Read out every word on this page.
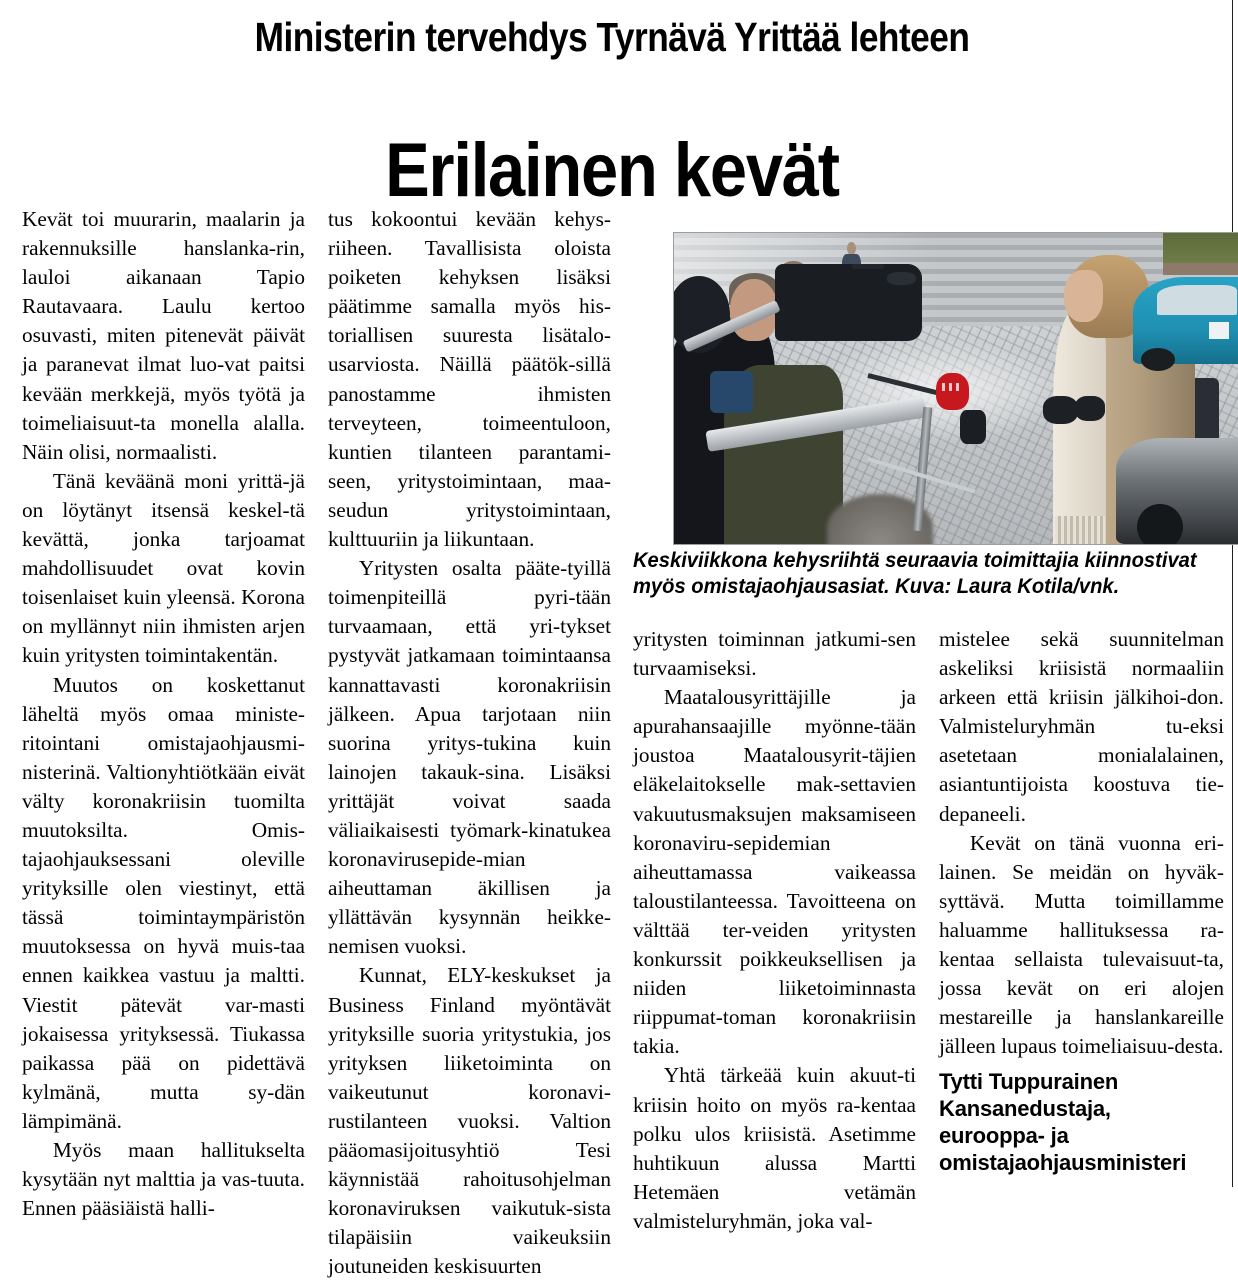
Ministerin tervehdys Tyrnävä Yrittää lehteen
Erilainen kevät
Keskiviikkona kehysriihtä seuraavia toimittajia kiinnostivat
myös omistajaohjausasiat. Kuva: Laura Kotila/vnk.

Kevät toi muurarin, maalarin ja rakennuksille hanslanka-rin, lauloi aikanaan Tapio Rautavaara. Laulu kertoo osuvasti, miten pitenevät päivät ja paranevat ilmat luo-vat paitsi kevään merkkejä, myös työtä ja toimeliaisuut-ta monella alalla. Näin olisi, normaalisti.

Tänä keväänä moni yrittä-jä on löytänyt itsensä keskel-tä kevättä, jonka tarjoamat mahdollisuudet ovat kovin toisenlaiset kuin yleensä. Korona on myllännyt niin ihmisten arjen kuin yritysten toimintakentän.

Muutos on koskettanut läheltä myös omaa ministe-ritointani omistajaohjausmi-nisterinä. Valtionyhtiötkään eivät välty koronakriisin tuomilta muutoksilta. Omis-tajaohjauksessani oleville yrityksille olen viestinyt, että tässä toimintaympäristön muutoksessa on hyvä muis-taa ennen kaikkea vastuu ja maltti. Viestit pätevät var-masti jokaisessa yrityksessä. Tiukassa paikassa pää on pidettävä kylmänä, mutta sy-dän lämpimänä.

Myös maan hallitukselta kysytään nyt malttia ja vas-tuuta. Ennen pääsiäistä halli-

tus kokoontui kevään kehys-riiheen. Tavallisista oloista poiketen kehyksen lisäksi päätimme samalla myös his-toriallisen suuresta lisätalo-usarviosta. Näillä päätök-sillä panostamme ihmisten terveyteen, toimeentuloon, kuntien tilanteen parantami-seen, yritystoimintaan, maa-seudun yritystoimintaan, kulttuuriin ja liikuntaan.

Yritysten osalta pääte-tyillä toimenpiteillä pyri-tään turvaamaan, että yri-tykset pystyvät jatkamaan toimintaansa kannattavasti koronakriisin jälkeen. Apua tarjotaan niin suorina yritys-tukina kuin lainojen takauk-sina. Lisäksi yrittäjät voivat saada väliaikaisesti työmark-kinatukea koronavirusepide-mian aiheuttaman äkillisen ja yllättävän kysynnän heikke-nemisen vuoksi.

Kunnat, ELY-keskukset ja Business Finland myöntävät yrityksille suoria yritystukia, jos yrityksen liiketoiminta on vaikeutunut koronavi-rustilanteen vuoksi. Valtion pääomasijoitusyhtiö Tesi käynnistää rahoitusohjelman koronaviruksen vaikutuk-sista tilapäisiin vaikeuksiin joutuneiden keskisuurten

yritysten toiminnan jatkumi-sen turvaamiseksi.

Maatalousyrittäjille ja apurahansaajille myönne-tään joustoa Maatalousyrit-täjien eläkelaitokselle mak-settavien vakuutusmaksujen maksamiseen koronaviru-sepidemian aiheuttamassa vaikeassa taloustilanteessa. Tavoitteena on välttää ter-veiden yritysten konkurssit poikkeuksellisen ja niiden liiketoiminnasta riippumat-toman koronakriisin takia.

Yhtä tärkeää kuin akuut-ti kriisin hoito on myös ra-kentaa polku ulos kriisistä. Asetimme huhtikuun alussa Martti Hetemäen vetämän valmisteluryhmän, joka val-

mistelee sekä suunnitelman askeliksi kriisistä normaaliin arkeen että kriisin jälkihoi-don. Valmisteluryhmän tu-eksi asetetaan monialalainen, asiantuntijoista koostuva tie-depaneeli.

Kevät on tänä vuonna eri-lainen. Se meidän on hyväk-syttävä. Mutta toimillamme haluamme hallituksessa ra-kentaa sellaista tulevaisuut-ta, jossa kevät on eri alojen mestareille ja hanslankareille jälleen lupaus toimeliaisuu-desta.

Tytti Tuppurainen
Kansanedustaja,
eurooppa- ja
omistajaohjausministeri
